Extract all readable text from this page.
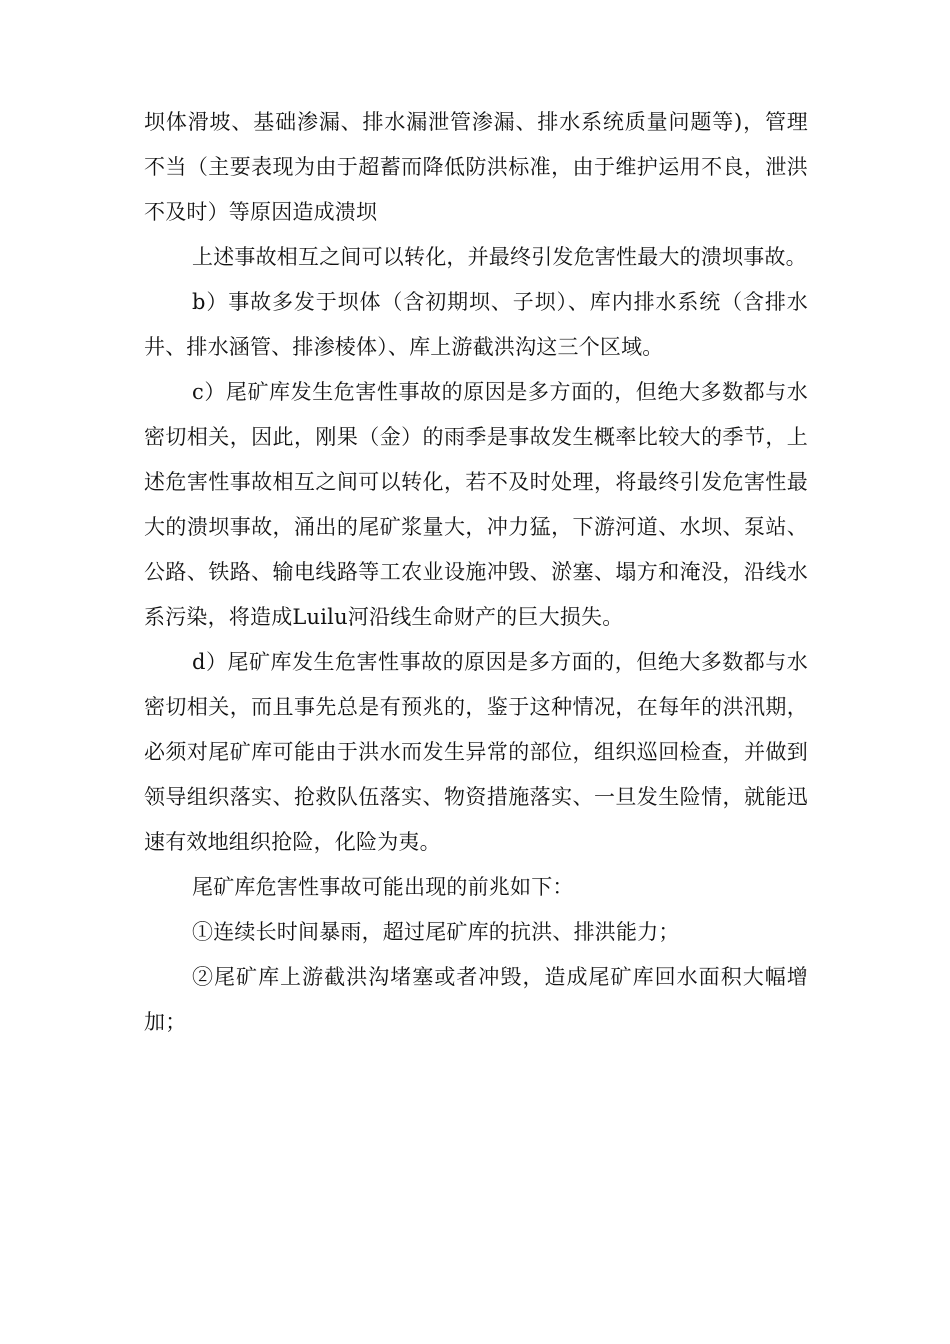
坝体滑坡、基础渗漏、排水漏泄管渗漏、排水系统质量问题等)，管理不当（主要表现为由于超蓄而降低防洪标准，由于维护运用不良，泄洪不及时）等原因造成溃坝

上述事故相互之间可以转化，并最终引发危害性最大的溃坝事故。

b）事故多发于坝体（含初期坝、子坝）、库内排水系统（含排水井、排水涵管、排渗棱体）、库上游截洪沟这三个区域。

c）尾矿库发生危害性事故的原因是多方面的，但绝大多数都与水密切相关，因此，刚果（金）的雨季是事故发生概率比较大的季节，上述危害性事故相互之间可以转化，若不及时处理，将最终引发危害性最大的溃坝事故，涌出的尾矿浆量大，冲力猛，下游河道、水坝、泵站、公路、铁路、输电线路等工农业设施冲毁、淤塞、塌方和淹没，沿线水系污染，将造成Luilu河沿线生命财产的巨大损失。

d）尾矿库发生危害性事故的原因是多方面的，但绝大多数都与水密切相关，而且事先总是有预兆的，鉴于这种情况，在每年的洪汛期，必须对尾矿库可能由于洪水而发生异常的部位，组织巡回检查，并做到领导组织落实、抢救队伍落实、物资措施落实、一旦发生险情，就能迅速有效地组织抢险，化险为夷。

尾矿库危害性事故可能出现的前兆如下：

①连续长时间暴雨，超过尾矿库的抗洪、排洪能力；

②尾矿库上游截洪沟堵塞或者冲毁，造成尾矿库回水面积大幅增加；
